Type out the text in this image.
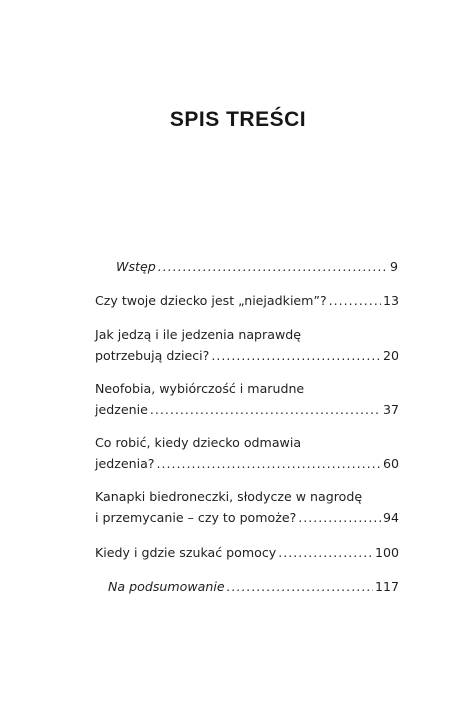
SPIS TREŚCI
Wstęp .....	9
Czy twoje dziecko jest „niejadkiem”? .....	13
Jak jedzą i ile jedzenia naprawdę
potrzebują dzieci? .....	20
Neofobia, wybiórczość i marudne
jedzenie .....	37
Co robić, kiedy dziecko odmawia
jedzenia? .....	60
Kanapki biedroneczki, słodycze w nagrodę
i przemycanie – czy to pomoże? .....	94
Kiedy i gdzie szukać pomocy .....	100
Na podsumowanie .....	117
